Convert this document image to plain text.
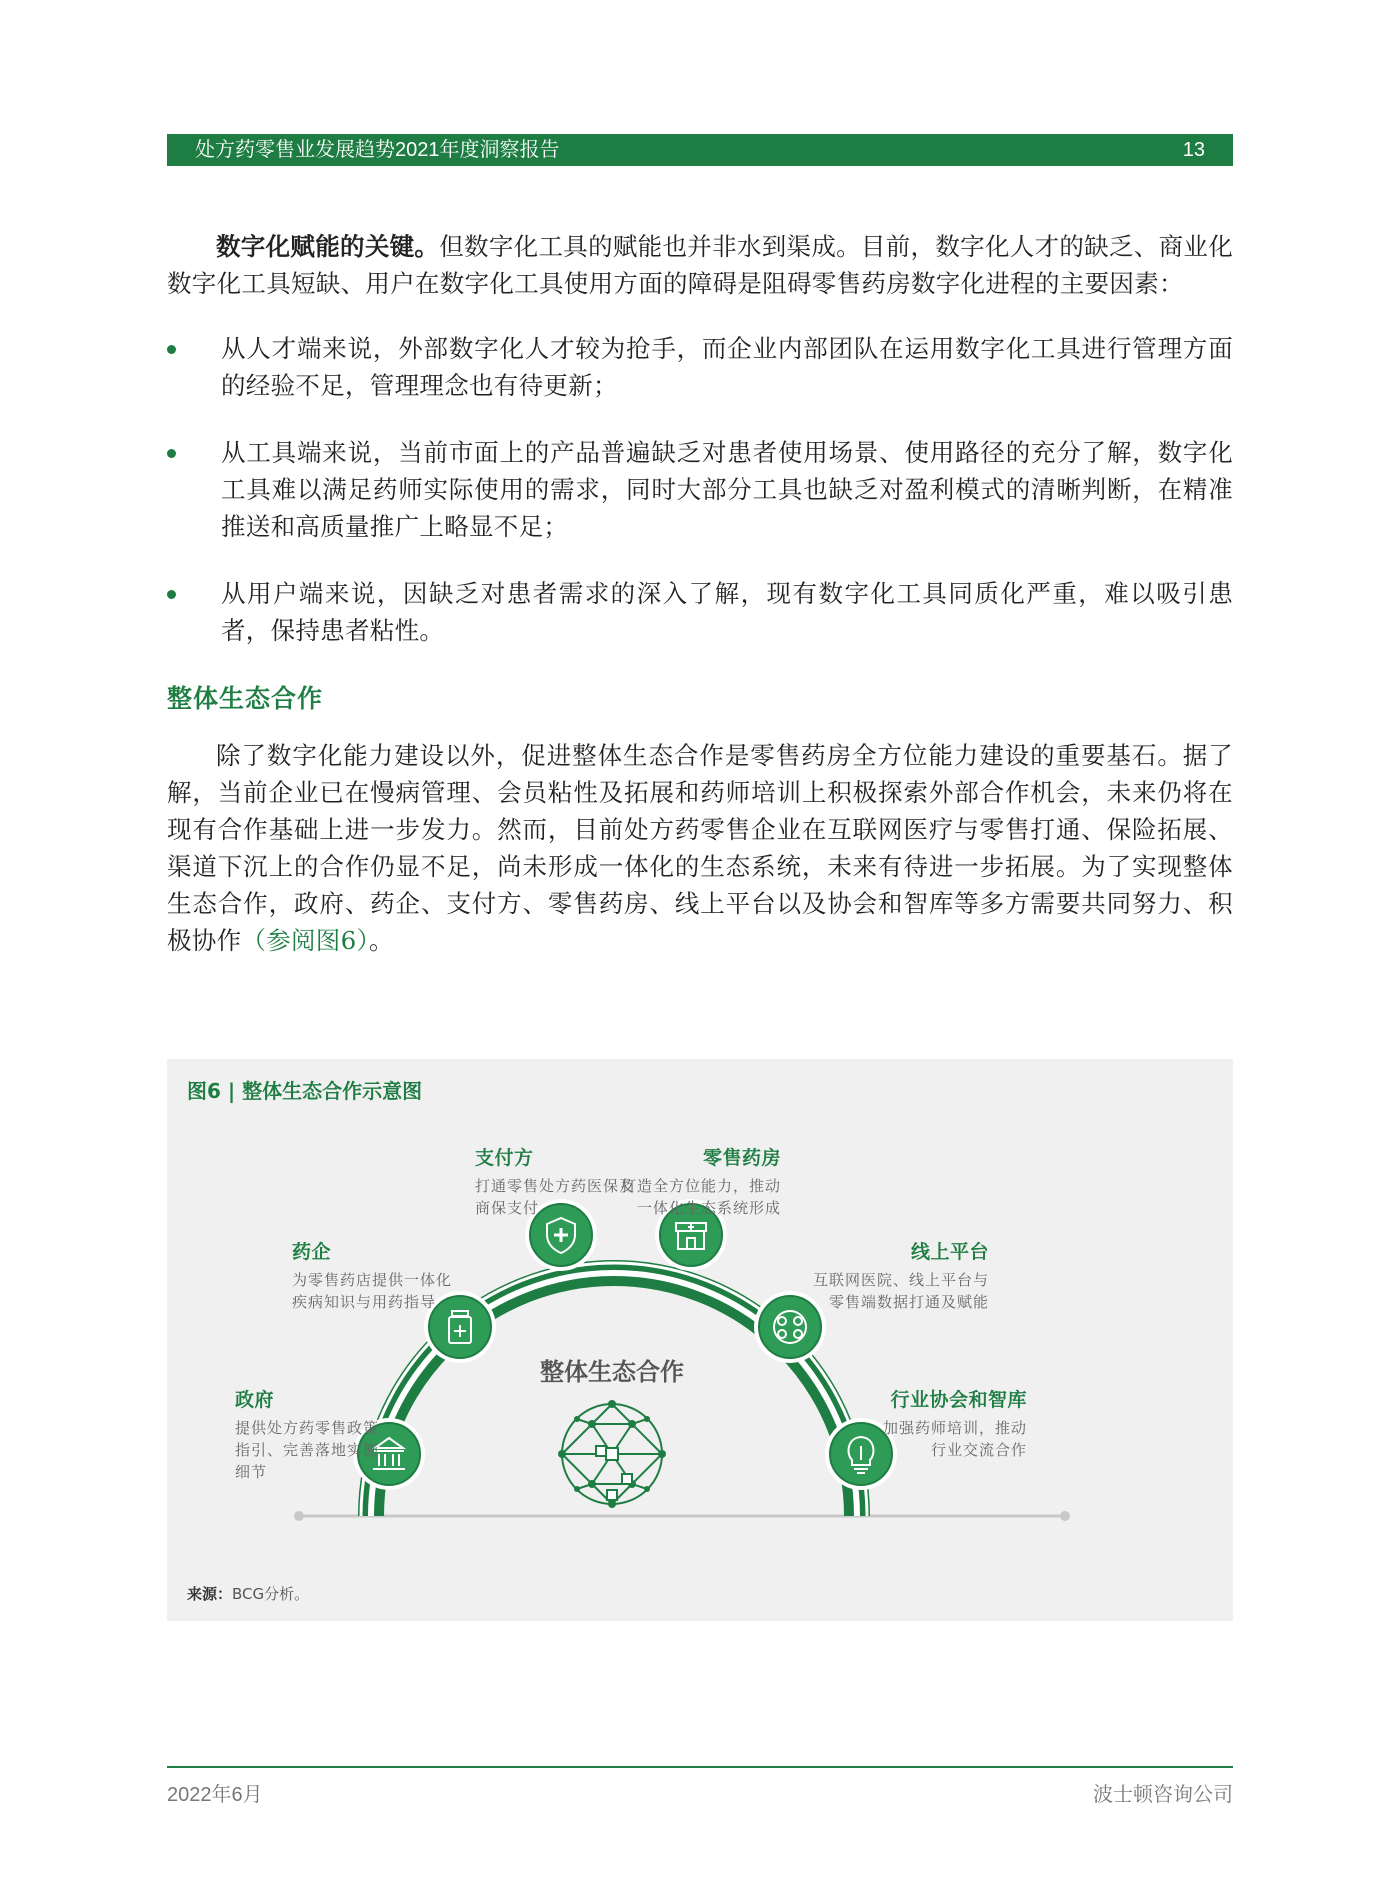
处方药零售业发展趋势2021年度洞察报告	13

数字化赋能的关键。但数字化工具的赋能也并非水到渠成。目前，数字化人才的缺乏、商业化数字化工具短缺、用户在数字化工具使用方面的障碍是阻碍零售药房数字化进程的主要因素：

从人才端来说，外部数字化人才较为抢手，而企业内部团队在运用数字化工具进行管理方面的经验不足，管理理念也有待更新；
从工具端来说，当前市面上的产品普遍缺乏对患者使用场景、使用路径的充分了解，数字化工具难以满足药师实际使用的需求，同时大部分工具也缺乏对盈利模式的清晰判断，在精准推送和高质量推广上略显不足；
从用户端来说，因缺乏对患者需求的深入了解，现有数字化工具同质化严重，难以吸引患者，保持患者粘性。
整体生态合作

除了数字化能力建设以外，促进整体生态合作是零售药房全方位能力建设的重要基石。据了解，当前企业已在慢病管理、会员粘性及拓展和药师培训上积极探索外部合作机会，未来仍将在现有合作基础上进一步发力。然而，目前处方药零售企业在互联网医疗与零售打通、保险拓展、渠道下沉上的合作仍显不足，尚未形成一体化的生态系统，未来有待进一步拓展。为了实现整体生态合作，政府、药企、支付方、零售药房、线上平台以及协会和智库等多方需要共同努力、积极协作（参阅图6）。

图6 | 整体生态合作示意图
整体生态合作
政府
提供处方药零售政策
指引、完善落地实施
细节
药企
为零售药店提供一体化
疾病知识与用药指导
支付方
打通零售处方药医保及
商保支付
零售药房
打造全方位能力，推动
一体化生态系统形成
线上平台
互联网医院、线上平台与
零售端数据打通及赋能
行业协会和智库
加强药师培训，推动
行业交流合作
来源：BCG分析。
2022年6月	波士顿咨询公司
